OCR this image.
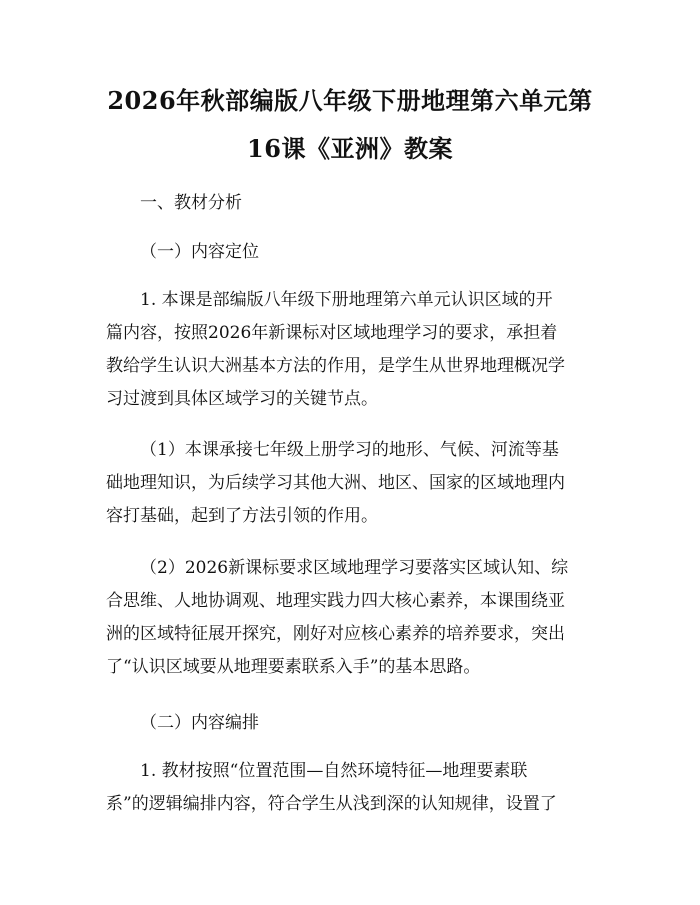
2026年秋部编版八年级下册地理第六单元第
16课《亚洲》教案
一、教材分析
（一）内容定位
1. 本课是部编版八年级下册地理第六单元认识区域的开
篇内容，按照2026年新课标对区域地理学习的要求，承担着
教给学生认识大洲基本方法的作用，是学生从世界地理概况学
习过渡到具体区域学习的关键节点。
（1）本课承接七年级上册学习的地形、气候、河流等基
础地理知识，为后续学习其他大洲、地区、国家的区域地理内
容打基础，起到了方法引领的作用。
（2）2026新课标要求区域地理学习要落实区域认知、综
合思维、人地协调观、地理实践力四大核心素养，本课围绕亚
洲的区域特征展开探究，刚好对应核心素养的培养要求，突出
了“认识区域要从地理要素联系入手”的基本思路。
（二）内容编排
1. 教材按照“位置范围—自然环境特征—地理要素联
系”的逻辑编排内容，符合学生从浅到深的认知规律，设置了
